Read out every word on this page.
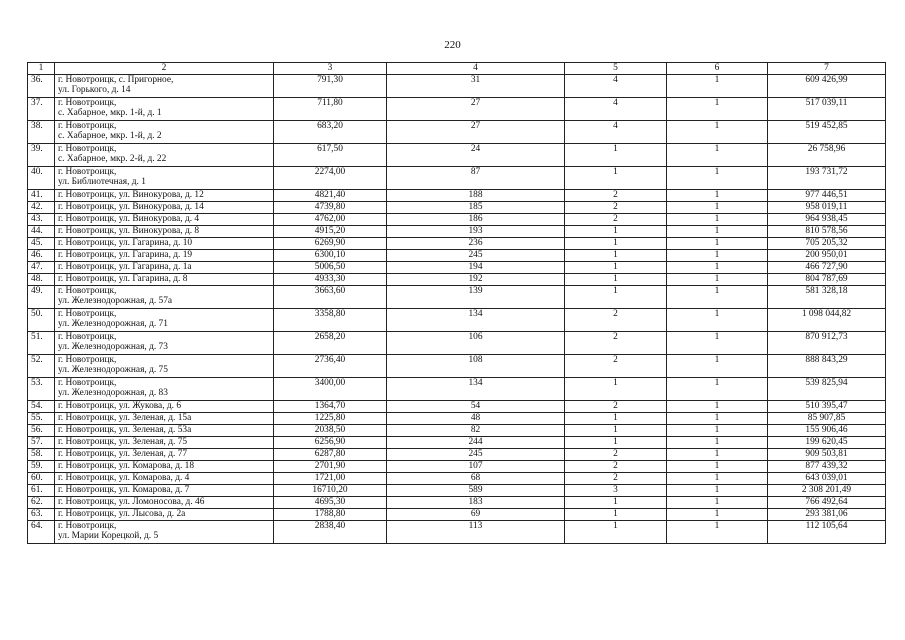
220
1	2	3	4	5	6	7
36.	г. Новотроицк, с. Пригорное,
ул. Горького, д. 14	791,30	31	4	1	609 426,99
37.	г. Новотроицк,
с. Хабарное, мкр. 1-й, д. 1	711,80	27	4	1	517 039,11
38.	г. Новотроицк,
с. Хабарное, мкр. 1-й, д. 2	683,20	27	4	1	519 452,85
39.	г. Новотроицк,
с. Хабарное, мкр. 2-й, д. 22	617,50	24	1	1	26 758,96
40.	г. Новотроицк,
ул. Библиотечная, д. 1	2274,00	87	1	1	193 731,72
41.	г. Новотроицк, ул. Винокурова, д. 12	4821,40	188	2	1	977 446,51
42.	г. Новотроицк, ул. Винокурова, д. 14	4739,80	185	2	1	958 019,11
43.	г. Новотроицк, ул. Винокурова, д. 4	4762,00	186	2	1	964 938,45
44.	г. Новотроицк, ул. Винокурова, д. 8	4915,20	193	1	1	810 578,56
45.	г. Новотроицк, ул. Гагарина, д. 10	6269,90	236	1	1	705 205,32
46.	г. Новотроицк, ул. Гагарина, д. 19	6300,10	245	1	1	200 950,01
47.	г. Новотроицк, ул. Гагарина, д. 1а	5006,50	194	1	1	466 727,90
48.	г. Новотроицк, ул. Гагарина, д. 8	4933,30	192	1	1	804 787,69
49.	г. Новотроицк,
ул. Железнодорожная, д. 57а	3663,60	139	1	1	581 328,18
50.	г. Новотроицк,
ул. Железнодорожная, д. 71	3358,80	134	2	1	1 098 044,82
51.	г. Новотроицк,
ул. Железнодорожная, д. 73	2658,20	106	2	1	870 912,73
52.	г. Новотроицк,
ул. Железнодорожная, д. 75	2736,40	108	2	1	888 843,29
53.	г. Новотроицк,
ул. Железнодорожная, д. 83	3400,00	134	1	1	539 825,94
54.	г. Новотроицк, ул. Жукова, д. 6	1364,70	54	2	1	510 395,47
55.	г. Новотроицк, ул. Зеленая, д. 15а	1225,80	48	1	1	85 907,85
56.	г. Новотроицк, ул. Зеленая, д. 53а	2038,50	82	1	1	155 906,46
57.	г. Новотроицк, ул. Зеленая, д. 75	6256,90	244	1	1	199 620,45
58.	г. Новотроицк, ул. Зеленая, д. 77	6287,80	245	2	1	909 503,81
59.	г. Новотроицк, ул. Комарова, д. 18	2701,90	107	2	1	877 439,32
60.	г. Новотроицк, ул. Комарова, д. 4	1721,00	68	2	1	643 039,01
61.	г. Новотроицк, ул. Комарова, д. 7	16710,20	589	3	1	2 308 201,49
62.	г. Новотроицк, ул. Ломоносова, д. 46	4695,30	183	1	1	766 492,64
63.	г. Новотроицк, ул. Лысова, д. 2а	1788,80	69	1	1	293 381,06
64.	г. Новотроицк,
ул. Марии Корецкой, д. 5	2838,40	113	1	1	112 105,64
